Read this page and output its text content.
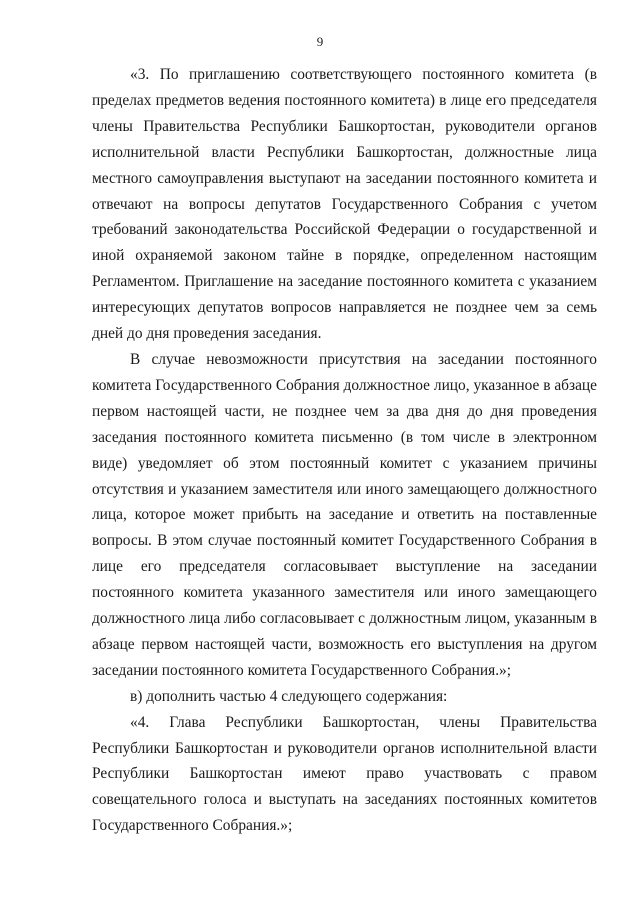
9

«3. По приглашению соответствующего постоянного комитета (в пределах предметов ведения постоянного комитета) в лице его председателя члены Правительства Республики Башкортостан, руководители органов исполнительной власти Республики Башкортостан, должностные лица местного самоуправления выступают на заседании постоянного комитета и отвечают на вопросы депутатов Государственного Собрания с учетом требований законодательства Российской Федерации о государственной и иной охраняемой законом тайне в порядке, определенном настоящим Регламентом. Приглашение на заседание постоянного комитета с указанием интересующих депутатов вопросов направляется не позднее чем за семь дней до дня проведения заседания.

В случае невозможности присутствия на заседании постоянного комитета Государственного Собрания должностное лицо, указанное в абзаце первом настоящей части, не позднее чем за два дня до дня проведения заседания постоянного комитета письменно (в том числе в электронном виде) уведомляет об этом постоянный комитет с указанием причины отсутствия и указанием заместителя или иного замещающего должностного лица, которое может прибыть на заседание и ответить на поставленные вопросы. В этом случае постоянный комитет Государственного Собрания в лице его председателя согласовывает выступление на заседании постоянного комитета указанного заместителя или иного замещающего должностного лица либо согласовывает с должностным лицом, указанным в абзаце первом настоящей части, возможность его выступления на другом заседании постоянного комитета Государственного Собрания.»;

в) дополнить частью 4 следующего содержания:

«4. Глава Республики Башкортостан, члены Правительства Республики Башкортостан и руководители органов исполнительной власти Республики Башкортостан имеют право участвовать с правом совещательного голоса и выступать на заседаниях постоянных комитетов Государственного Собрания.»;
